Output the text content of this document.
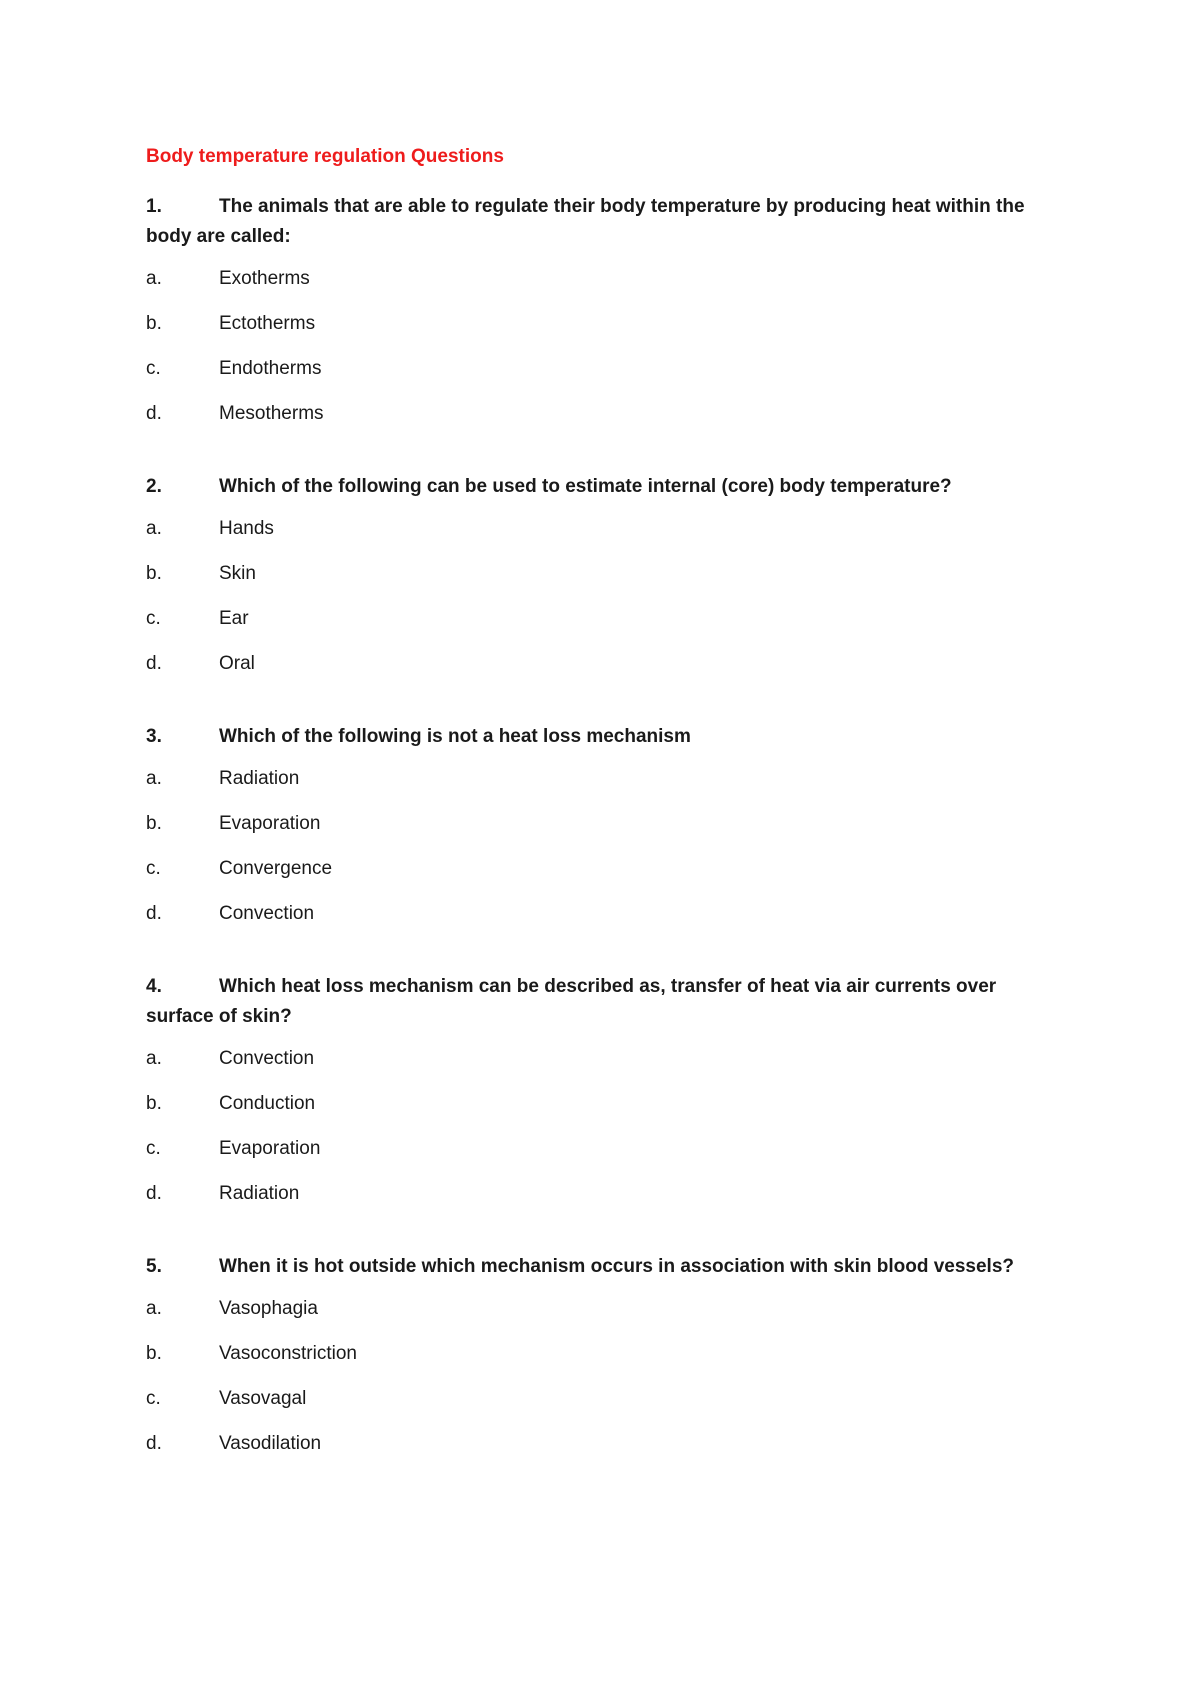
Body temperature regulation Questions
1.	The animals that are able to regulate their body temperature by producing heat within the body are called:
a.	Exotherms
b.	Ectotherms
c.	Endotherms
d.	Mesotherms
2.	Which of the following can be used to estimate internal (core) body temperature?
a.	Hands
b.	Skin
c.	Ear
d.	Oral
3.	Which of the following is not a heat loss mechanism
a.	Radiation
b.	Evaporation
c.	Convergence
d.	Convection
4.	Which heat loss mechanism can be described as, transfer of heat via air currents over surface of skin?
a.	Convection
b.	Conduction
c.	Evaporation
d.	Radiation
5.	When it is hot outside which mechanism occurs in association with skin blood vessels?
a.	Vasophagia
b.	Vasoconstriction
c.	Vasovagal
d.	Vasodilation
